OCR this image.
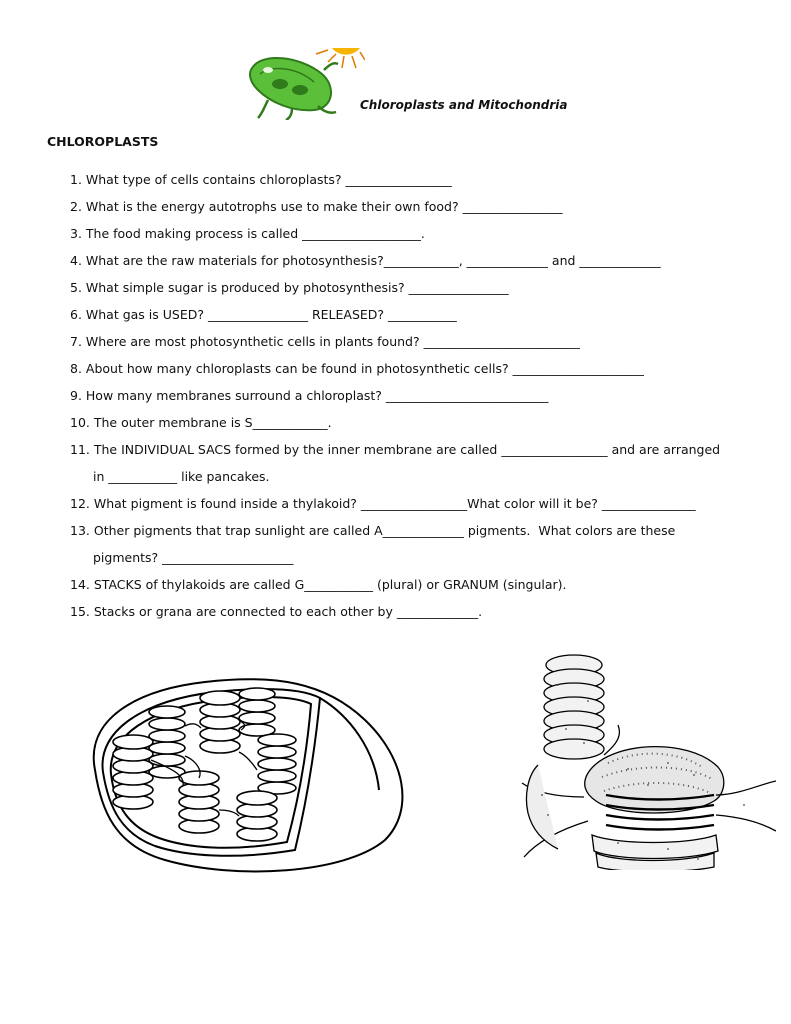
Chloroplasts and Mitochondria
CHLOROPLASTS
1. What type of cells contains chloroplasts? _________________
2. What is the energy autotrophs use to make their own food? ________________
3. The food making process is called ___________________.
4. What are the raw materials for photosynthesis?____________, _____________ and _____________
5. What simple sugar is produced by photosynthesis? ________________
6. What gas is USED? ________________ RELEASED? ___________
7. Where are most photosynthetic cells in plants found? _________________________
8. About how many chloroplasts can be found in photosynthetic cells? _____________________
9. How many membranes surround a chloroplast? __________________________
10. The outer membrane is S____________.
11. The INDIVIDUAL SACS formed by the inner membrane are called _________________ and are arranged
in ___________ like pancakes.
12. What pigment is found inside a thylakoid? _________________What color will it be? _______________
13. Other pigments that trap sunlight are called A_____________ pigments.  What colors are these
pigments? _____________________
14. STACKS of thylakoids are called G___________ (plural) or GRANUM (singular).
15. Stacks or grana are connected to each other by _____________.
